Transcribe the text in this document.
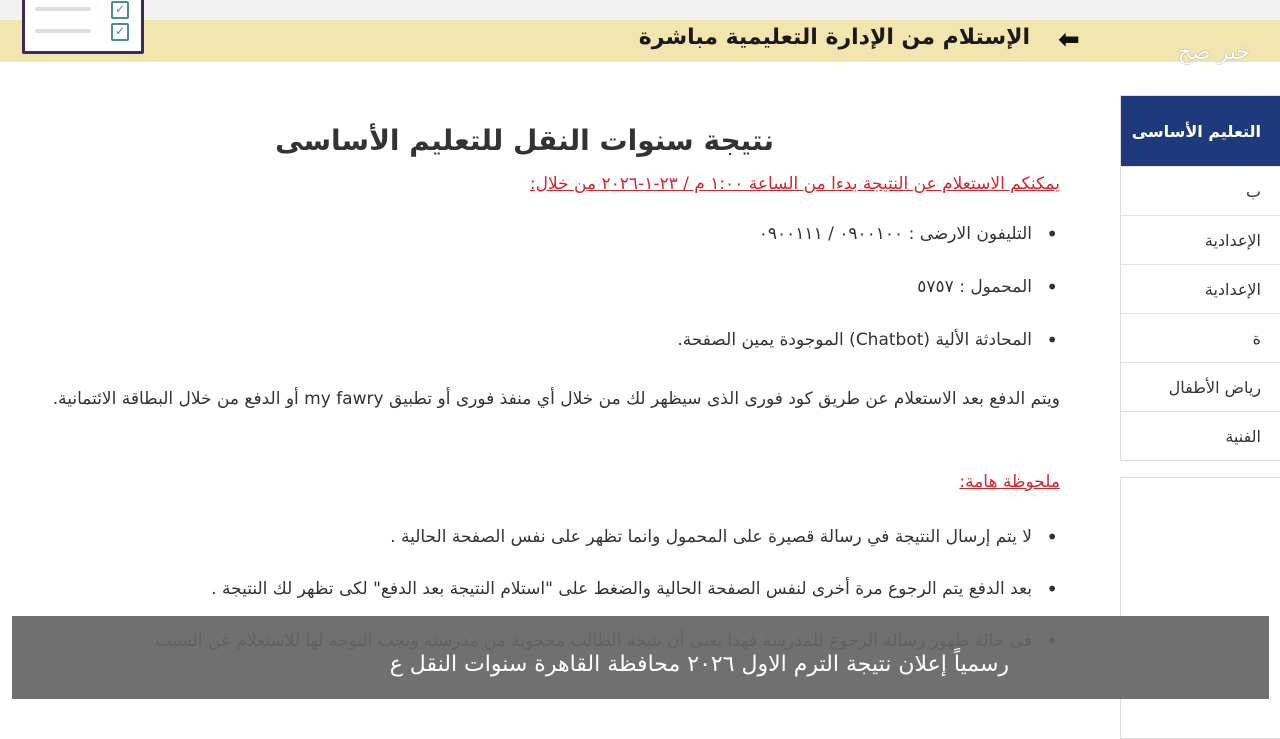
⬅
الإستلام من الإدارة التعليمية مباشرة
خبر صح
✓
✓
نتيجة سنوات النقل للتعليم الأساسى
يمكنكم الاستعلام عن النتيجة بدءا من الساعة ١:٠٠ م / ٢٣-١-٢٠٢٦ من خلال:
• التليفون الارضى : ٠٩٠٠١٠٠ / ٠٩٠٠١١١
• المحمول : ٥٧٥٧
• المحادثة الألية (Chatbot) الموجودة يمين الصفحة.
ويتم الدفع بعد الاستعلام عن طريق كود فورى الذى سيظهر لك من خلال أي منفذ فورى أو تطبيق my fawry أو الدفع من خلال البطاقة الائتمانية.
ملحوظة هامة:
• لا يتم إرسال النتيجة في رسالة قصيرة على المحمول وانما تظهر على نفس الصفحة الحالية .
• بعد الدفع يتم الرجوع مرة أخرى لنفس الصفحة الحالية والضغط على "استلام النتيجة بعد الدفع" لكى تظهر لك النتيجة .
•
التعليم الأساسى
ب
الإعدادية
الإعدادية
ة
رياض الأطفال
الفنية
رسمياً إعلان نتيجة الترم الاول ٢٠٢٦ محافظة القاهرة سنوات النقل ع
